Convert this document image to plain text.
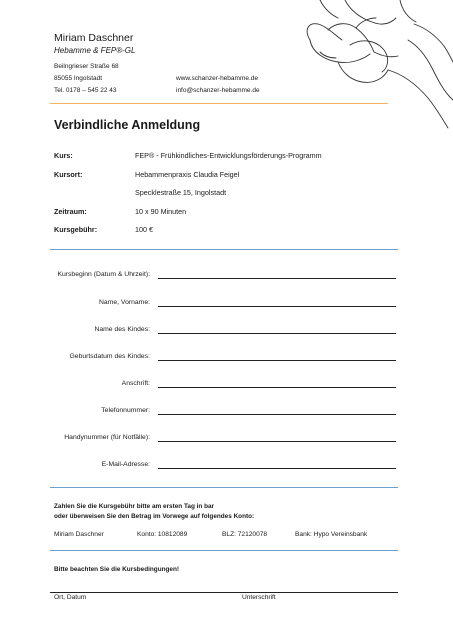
Miriam Daschner
Hebamme & FEP®-GL
Beilngrieser Straße 68
85055 Ingolstadt
Tel. 0178 – 545 22 43
www.schanzer-hebamme.de
info@schanzer-hebamme.de
Verbindliche Anmeldung
Kurs:	FEP® - Frühkindliches-Entwicklungsförderungs-Programm
Kursort:	Hebammenpraxis Claudia Feigel
Specklestraße 15, Ingolstadt
Zeitraum:	10 x 90 Minuten
Kursgebühr:	100 €
Kursbeginn (Datum & Uhrzeit):
Name, Vorname:
Name des Kindes:
Geburtsdatum des Kindes:
Anschrift:
Telefonnummer:
Handynummer (für Notfälle):
E-Mail-Adresse:
Zahlen Sie die Kursgebühr bitte am ersten Tag in bar
oder überweisen Sie den Betrag im Vorwege auf folgendes Konto:
Miriam Daschner	Konto: 10812089	BLZ: 72120078	Bank: Hypo Vereinsbank
Bitte beachten Sie die Kursbedingungen!
Ort, Datum	Unterschrift
